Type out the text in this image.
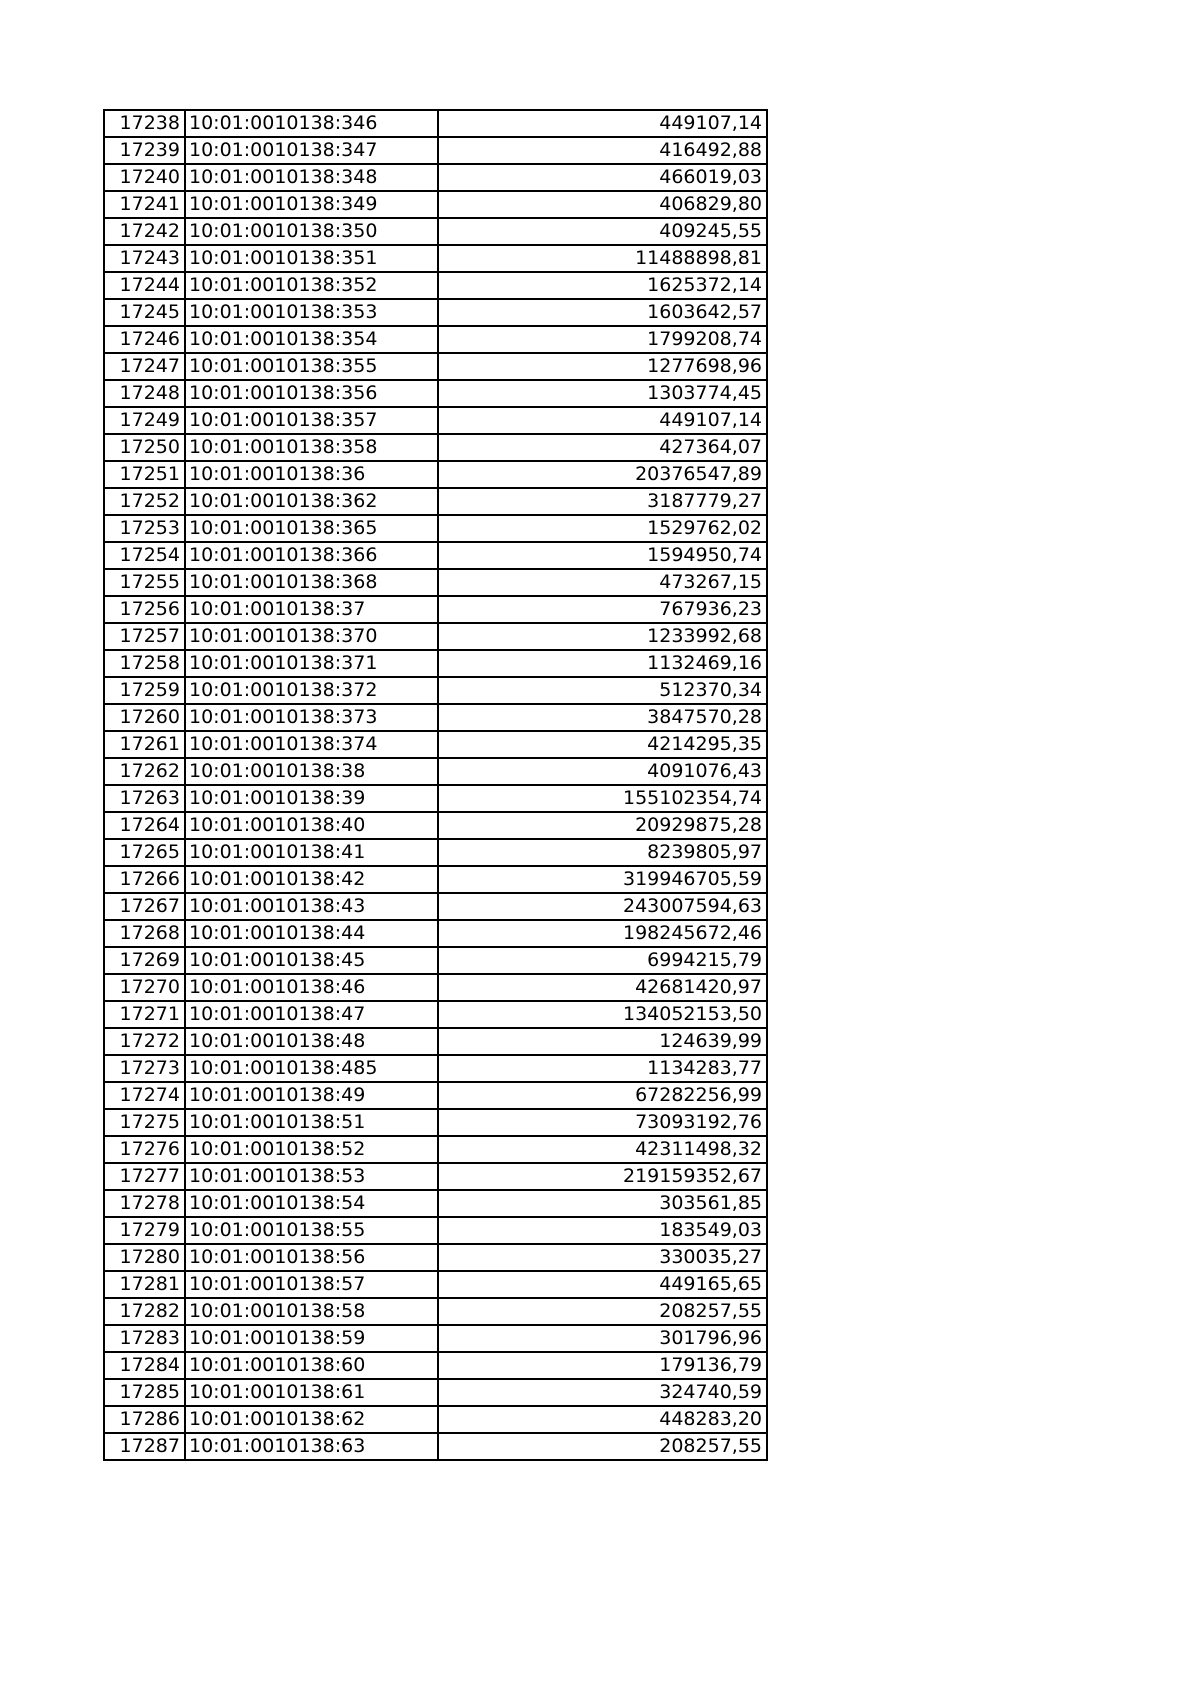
17238	10:01:0010138:346	449107,14
17239	10:01:0010138:347	416492,88
17240	10:01:0010138:348	466019,03
17241	10:01:0010138:349	406829,80
17242	10:01:0010138:350	409245,55
17243	10:01:0010138:351	11488898,81
17244	10:01:0010138:352	1625372,14
17245	10:01:0010138:353	1603642,57
17246	10:01:0010138:354	1799208,74
17247	10:01:0010138:355	1277698,96
17248	10:01:0010138:356	1303774,45
17249	10:01:0010138:357	449107,14
17250	10:01:0010138:358	427364,07
17251	10:01:0010138:36	20376547,89
17252	10:01:0010138:362	3187779,27
17253	10:01:0010138:365	1529762,02
17254	10:01:0010138:366	1594950,74
17255	10:01:0010138:368	473267,15
17256	10:01:0010138:37	767936,23
17257	10:01:0010138:370	1233992,68
17258	10:01:0010138:371	1132469,16
17259	10:01:0010138:372	512370,34
17260	10:01:0010138:373	3847570,28
17261	10:01:0010138:374	4214295,35
17262	10:01:0010138:38	4091076,43
17263	10:01:0010138:39	155102354,74
17264	10:01:0010138:40	20929875,28
17265	10:01:0010138:41	8239805,97
17266	10:01:0010138:42	319946705,59
17267	10:01:0010138:43	243007594,63
17268	10:01:0010138:44	198245672,46
17269	10:01:0010138:45	6994215,79
17270	10:01:0010138:46	42681420,97
17271	10:01:0010138:47	134052153,50
17272	10:01:0010138:48	124639,99
17273	10:01:0010138:485	1134283,77
17274	10:01:0010138:49	67282256,99
17275	10:01:0010138:51	73093192,76
17276	10:01:0010138:52	42311498,32
17277	10:01:0010138:53	219159352,67
17278	10:01:0010138:54	303561,85
17279	10:01:0010138:55	183549,03
17280	10:01:0010138:56	330035,27
17281	10:01:0010138:57	449165,65
17282	10:01:0010138:58	208257,55
17283	10:01:0010138:59	301796,96
17284	10:01:0010138:60	179136,79
17285	10:01:0010138:61	324740,59
17286	10:01:0010138:62	448283,20
17287	10:01:0010138:63	208257,55
